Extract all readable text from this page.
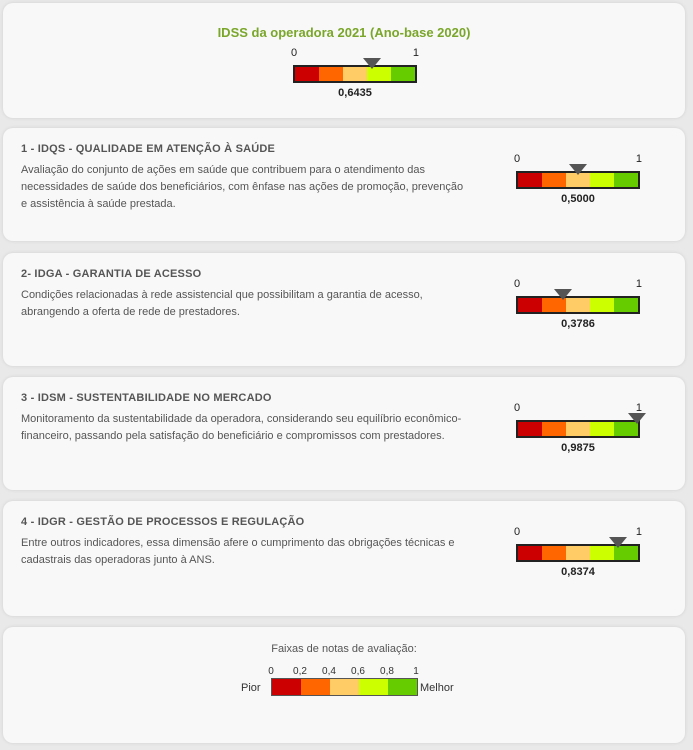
IDSS da operadora 2021 (Ano-base 2020)
0	1
0,6435
1 - IDQS - QUALIDADE EM ATENÇÃO À SAÚDE
Avaliação do conjunto de ações em saúde que contribuem para o atendimento das necessidades de saúde dos beneficiários, com ênfase nas ações de promoção, prevenção e assistência à saúde prestada.
0	1
0,5000
2- IDGA - GARANTIA DE ACESSO
Condições relacionadas à rede assistencial que possibilitam a garantia de acesso, abrangendo a oferta de rede de prestadores.
0	1
0,3786
3 - IDSM - SUSTENTABILIDADE NO MERCADO
Monitoramento da sustentabilidade da operadora, considerando seu equilíbrio econômico-financeiro, passando pela satisfação do beneficiário e compromissos com prestadores.
0	1
0,9875
4 - IDGR - GESTÃO DE PROCESSOS E REGULAÇÃO
Entre outros indicadores, essa dimensão afere o cumprimento das obrigações técnicas e cadastrais das operadoras junto à ANS.
0	1
0,8374
Faixas de notas de avaliação:
0 0,2 0,4 0,6 0,8 1
Pior	Melhor
